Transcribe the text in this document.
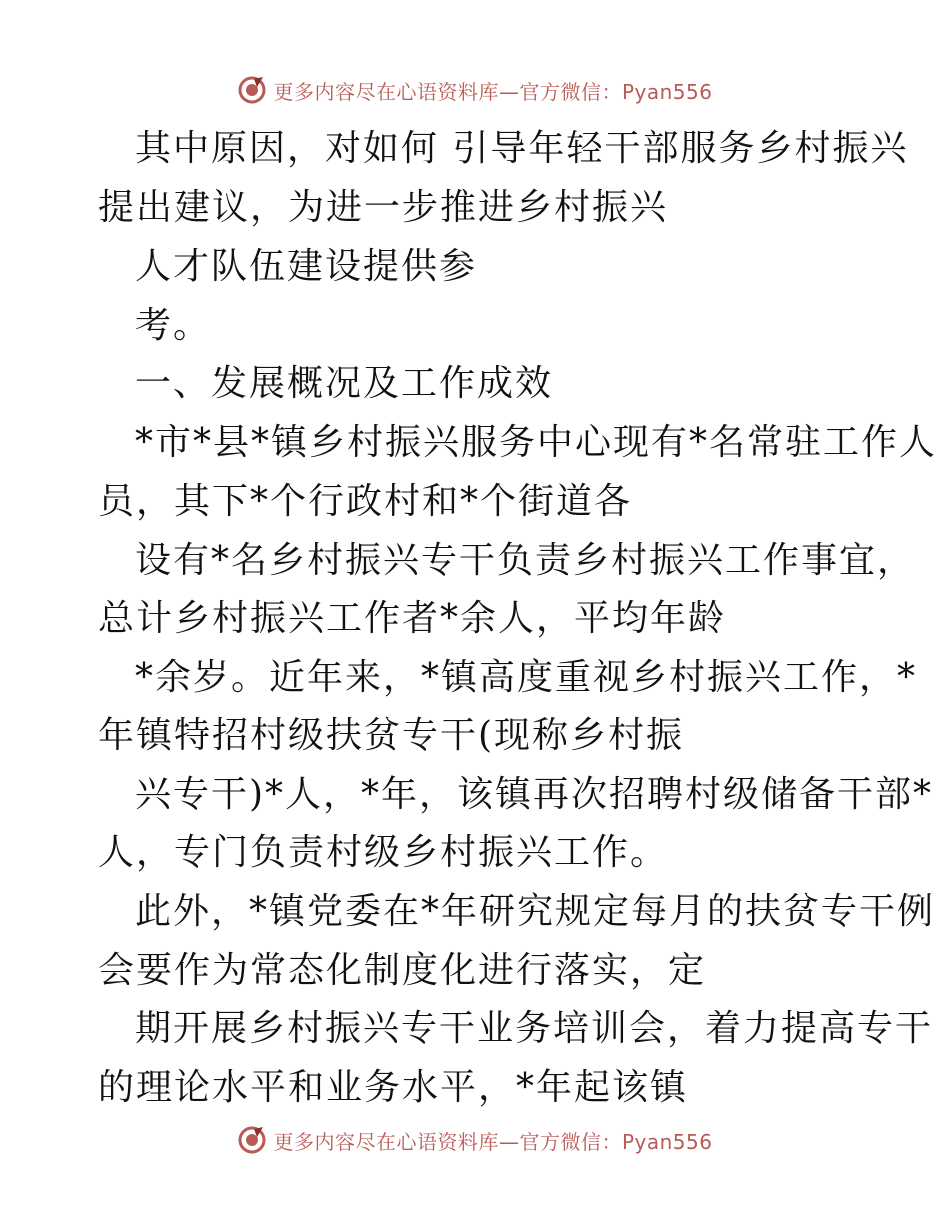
更多内容尽在心语资料库—官方微信：Pyan556
其中原因，对如何 引导年轻干部服务乡村振兴
提出建议，为进一步推进乡村振兴
人才队伍建设提供参
考。
一、发展概况及工作成效
*市*县*镇乡村振兴服务中心现有*名常驻工作人
员，其下*个行政村和*个街道各
设有*名乡村振兴专干负责乡村振兴工作事宜，
总计乡村振兴工作者*余人，平均年龄
*余岁。近年来，*镇高度重视乡村振兴工作，*
年镇特招村级扶贫专干(现称乡村振
兴专干)*人，*年，该镇再次招聘村级储备干部*
人，专门负责村级乡村振兴工作。
此外，*镇党委在*年研究规定每月的扶贫专干例
会要作为常态化制度化进行落实，定
期开展乡村振兴专干业务培训会，着力提高专干
的理论水平和业务水平，*年起该镇
更多内容尽在心语资料库—官方微信：Pyan556
